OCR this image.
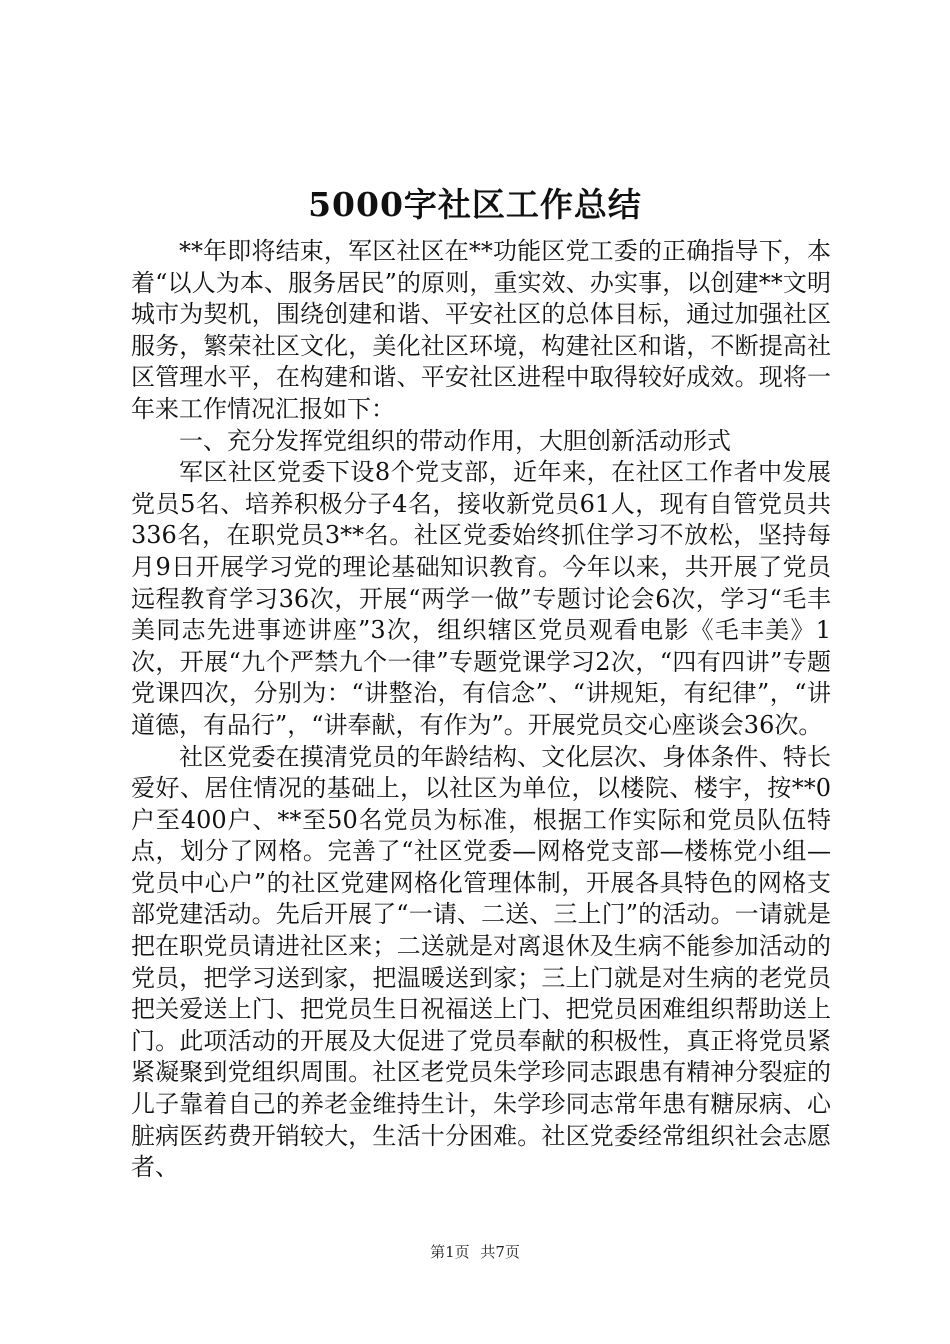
5000字社区工作总结

**年即将结束，军区社区在**功能区党工委的正确指导下，本着“以人为本、服务居民”的原则，重实效、办实事，以创建**文明城市为契机，围绕创建和谐、平安社区的总体目标，通过加强社区服务，繁荣社区文化，美化社区环境，构建社区和谐，不断提高社区管理水平，在构建和谐、平安社区进程中取得较好成效。现将一年来工作情况汇报如下：

一、充分发挥党组织的带动作用，大胆创新活动形式

军区社区党委下设8个党支部，近年来，在社区工作者中发展党员5名、培养积极分子4名，接收新党员61人，现有自管党员共336名，在职党员3**名。社区党委始终抓住学习不放松，坚持每月9日开展学习党的理论基础知识教育。今年以来，共开展了党员远程教育学习36次，开展“两学一做”专题讨论会6次，学习“毛丰美同志先进事迹讲座”3次，组织辖区党员观看电影《毛丰美》1次，开展“九个严禁九个一律”专题党课学习2次，“四有四讲”专题党课四次，分别为：“讲整治，有信念”、“讲规矩，有纪律”，“讲道德，有品行”，“讲奉献，有作为”。开展党员交心座谈会36次。

社区党委在摸清党员的年龄结构、文化层次、身体条件、特长爱好、居住情况的基础上，以社区为单位，以楼院、楼宇，按**0户至400户、**至50名党员为标准，根据工作实际和党员队伍特点，划分了网格。完善了“社区党委—网格党支部—楼栋党小组—党员中心户”的社区党建网格化管理体制，开展各具特色的网格支部党建活动。先后开展了“一请、二送、三上门”的活动。一请就是把在职党员请进社区来；二送就是对离退休及生病不能参加活动的党员，把学习送到家，把温暖送到家；三上门就是对生病的老党员把关爱送上门、把党员生日祝福送上门、把党员困难组织帮助送上门。此项活动的开展及大促进了党员奉献的积极性，真正将党员紧紧凝聚到党组织周围。社区老党员朱学珍同志跟患有精神分裂症的儿子靠着自己的养老金维持生计，朱学珍同志常年患有糖尿病、心脏病医药费开销较大，生活十分困难。社区党委经常组织社会志愿者、

第1页 共7页
